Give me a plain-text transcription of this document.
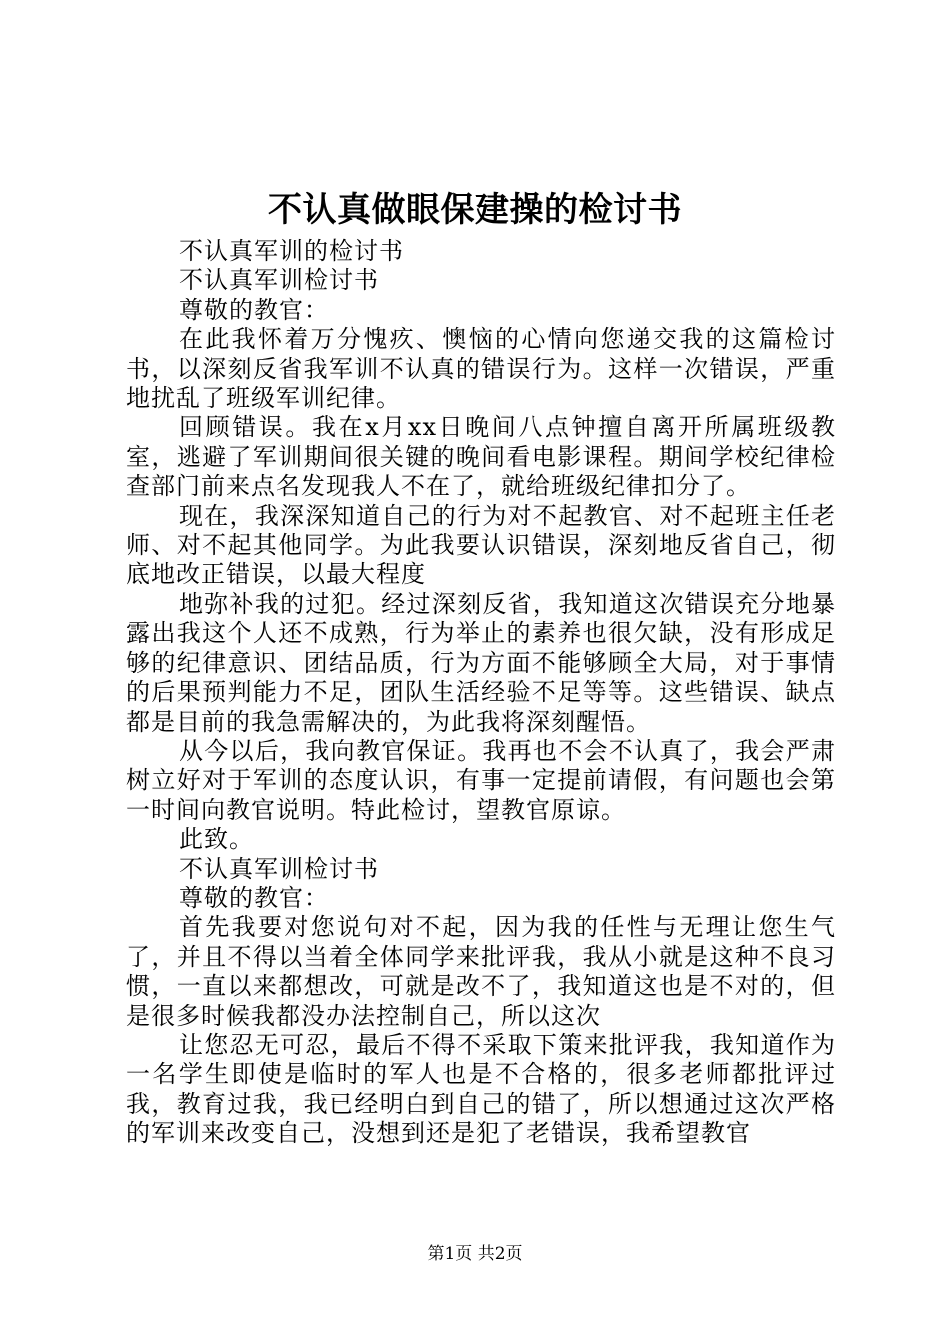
不认真做眼保建操的检讨书

不认真军训的检讨书

不认真军训检讨书

尊敬的教官：

在此我怀着万分愧疚、懊恼的心情向您递交我的这篇检讨书，以深刻反省我军训不认真的错误行为。这样一次错误，严重地扰乱了班级军训纪律。

回顾错误。我在x月xx日晚间八点钟擅自离开所属班级教室，逃避了军训期间很关键的晚间看电影课程。期间学校纪律检查部门前来点名发现我人不在了，就给班级纪律扣分了。

现在，我深深知道自己的行为对不起教官、对不起班主任老师、对不起其他同学。为此我要认识错误，深刻地反省自己，彻底地改正错误，以最大程度

地弥补我的过犯。经过深刻反省，我知道这次错误充分地暴露出我这个人还不成熟，行为举止的素养也很欠缺，没有形成足够的纪律意识、团结品质，行为方面不能够顾全大局，对于事情的后果预判能力不足，团队生活经验不足等等。这些错误、缺点都是目前的我急需解决的，为此我将深刻醒悟。

从今以后，我向教官保证。我再也不会不认真了，我会严肃树立好对于军训的态度认识，有事一定提前请假，有问题也会第一时间向教官说明。特此检讨，望教官原谅。

此致。

不认真军训检讨书

尊敬的教官：

首先我要对您说句对不起，因为我的任性与无理让您生气了，并且不得以当着全体同学来批评我，我从小就是这种不良习惯，一直以来都想改，可就是改不了，我知道这也是不对的，但是很多时候我都没办法控制自己，所以这次

让您忍无可忍，最后不得不采取下策来批评我，我知道作为一名学生即使是临时的军人也是不合格的，很多老师都批评过我，教育过我，我已经明白到自己的错了，所以想通过这次严格的军训来改变自己，没想到还是犯了老错误，我希望教官

第1页 共2页
